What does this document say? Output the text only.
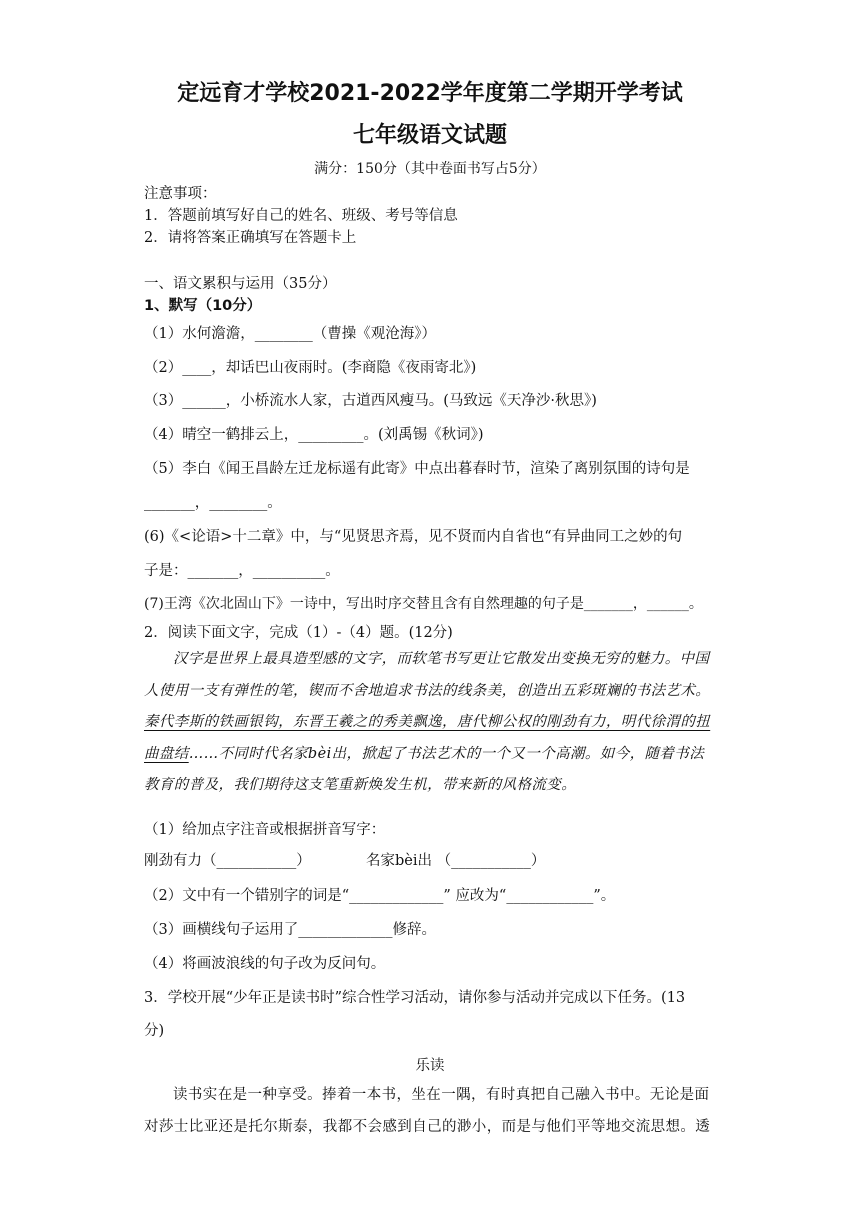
定远育才学校2021-2022学年度第二学期开学考试
七年级语文试题
满分：150分（其中卷面书写占5分）
注意事项：
1．答题前填写好自己的姓名、班级、考号等信息
2．请将答案正确填写在答题卡上
一、语文累积与运用（35分）
1、默写（10分）
（1）水何澹澹，________（曹操《观沧海》）
（2）____，却话巴山夜雨时。(李商隐《夜雨寄北》)
（3）______，小桥流水人家，古道西风瘦马。(马致远《天净沙·秋思》)
（4）晴空一鹤排云上，_________。(刘禹锡《秋词》)
（5）李白《闻王昌龄左迁龙标遥有此寄》中点出暮春时节，渲染了离别氛围的诗句是
_______，________。
(6)《<论语>十二章》中，与“见贤思齐焉，见不贤而内自省也“有异曲同工之妙的句
子是：_______，__________。
(7)王湾《次北固山下》一诗中，写出时序交替且含有自然理趣的句子是_______，______。
2．阅读下面文字，完成（1）-（4）题。(12分)

汉字是世界上最具造型感的文字，而软笔书写更让它散发出变换无穷的魅力。中国人使用一支有弹性的笔，锲而不舍地追求书法的线条美，创造出五彩斑斓的书法艺术。秦代李斯的铁画银钩，东晋王羲之的秀美飘逸，唐代柳公权的刚劲有力，明代徐渭的扭曲盘结……不同时代名家bèi出，掀起了书法艺术的一个又一个高潮。如今，随着书法教育的普及，我们期待这支笔重新焕发生机，带来新的风格流变。

（1）给加点字注音或根据拼音写字：
刚劲有力（___________）	名家bèi出 （___________）
（2）文中有一个错别字的词是“_____________” 应改为“____________”。
（3）画横线句子运用了_____________修辞。
（4）将画波浪线的句子改为反问句。
3．学校开展“少年正是读书时”综合性学习活动，请你参与活动并完成以下任务。(13
分)
乐读

读书实在是一种享受。捧着一本书，坐在一隅，有时真把自己融入书中。无论是面对莎士比亚还是托尔斯泰，我都不会感到自己的渺小，而是与他们平等地交流思想。透
